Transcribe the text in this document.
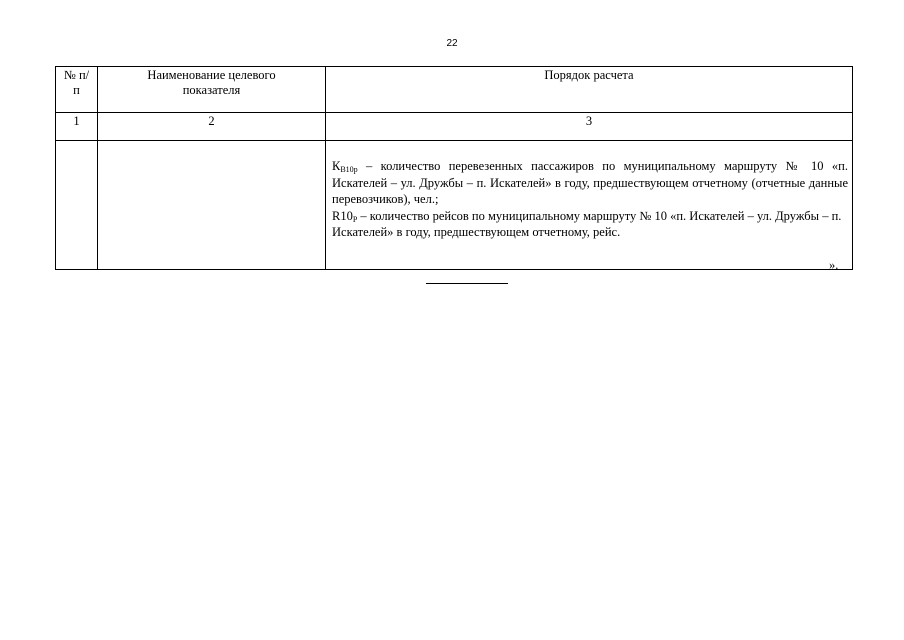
22
№ п/п	Наименование целевого показателя	Порядок расчета
1	2	3

		$К_{В10р}$ – количество перевезенных пассажиров по муниципальному маршруту № 10 «п. Искателей – ул. Дружбы – п. Искателей» в году, предшествующем отчетному (отчетные данные перевозчиков), чел.;

$R10_Р$ – количество рейсов по муниципальному маршруту № 10 «п. Искателей – ул. Дружбы – п. Искателей» в году, предшествующем отчетному, рейс.

».
